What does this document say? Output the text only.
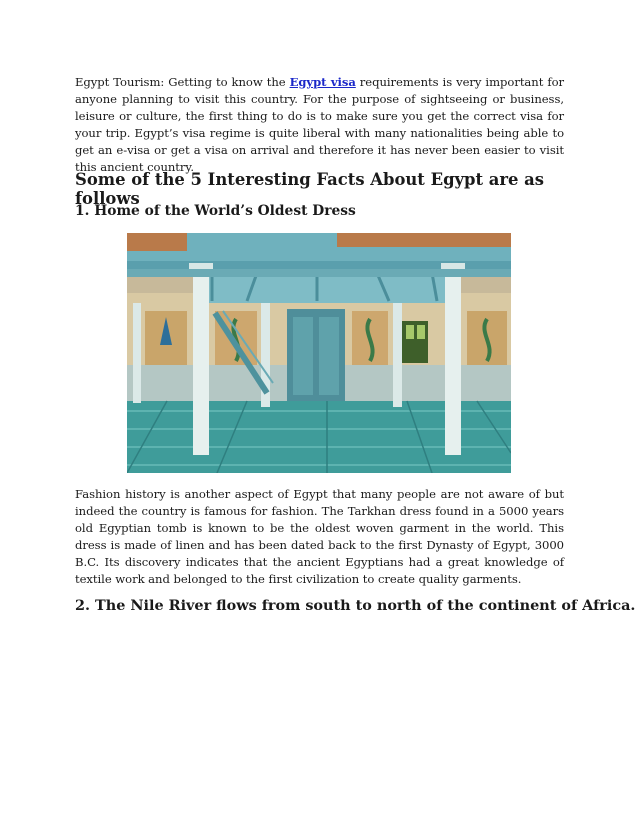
Egypt Tourism: Getting to know the Egypt visa requirements is very important for anyone planning to visit this country. For the purpose of sightseeing or business, leisure or culture, the first thing to do is to make sure you get the correct visa for your trip. Egypt’s visa regime is quite liberal with many nationalities being able to get an e-visa or get a visa on arrival and therefore it has never been easier to visit this ancient country.

Some of the 5 Interesting Facts About Egypt are as follows
1. Home of the World’s Oldest Dress

Fashion history is another aspect of Egypt that many people are not aware of but indeed the country is famous for fashion. The Tarkhan dress found in a 5000 years old Egyptian tomb is known to be the oldest woven garment in the world. This dress is made of linen and has been dated back to the first Dynasty of Egypt, 3000 B.C. Its discovery indicates that the ancient Egyptians had a great knowledge of textile work and belonged to the first civilization to create quality garments.

2. The Nile River flows from south to north of the continent of Africa.
